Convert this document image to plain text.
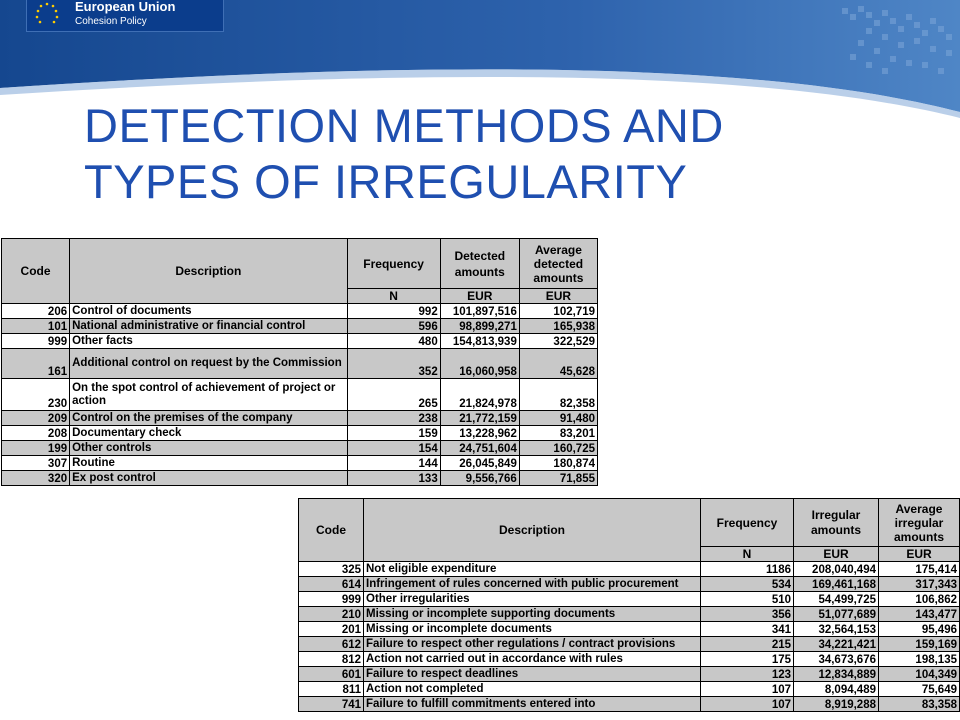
European Union
Cohesion Policy
DETECTION METHODS AND
TYPES OF IRREGULARITY
Code	Description	Frequency	Detected amounts	Average detected amounts
		N	EUR	EUR
206	Control of documents	992	101,897,516	102,719
101	National administrative or financial control	596	98,899,271	165,938
999	Other facts	480	154,813,939	322,529
161	Additional control on request by the Commission	352	16,060,958	45,628
230	On the spot control of achievement of project or action	265	21,824,978	82,358
209	Control on the premises of the company	238	21,772,159	91,480
208	Documentary check	159	13,228,962	83,201
199	Other controls	154	24,751,604	160,725
307	Routine	144	26,045,849	180,874
320	Ex post control	133	9,556,766	71,855
Code	Description	Frequency	Irregular amounts	Average irregular amounts
		N	EUR	EUR
325	Not eligible expenditure	1186	208,040,494	175,414
614	Infringement of rules concerned with public procurement	534	169,461,168	317,343
999	Other irregularities	510	54,499,725	106,862
210	Missing or incomplete supporting documents	356	51,077,689	143,477
201	Missing or incomplete documents	341	32,564,153	95,496
612	Failure to respect other regulations / contract provisions	215	34,221,421	159,169
812	Action not carried out in accordance with rules	175	34,673,676	198,135
601	Failure to respect deadlines	123	12,834,889	104,349
811	Action not completed	107	8,094,489	75,649
741	Failure to fulfill commitments entered into	107	8,919,288	83,358
